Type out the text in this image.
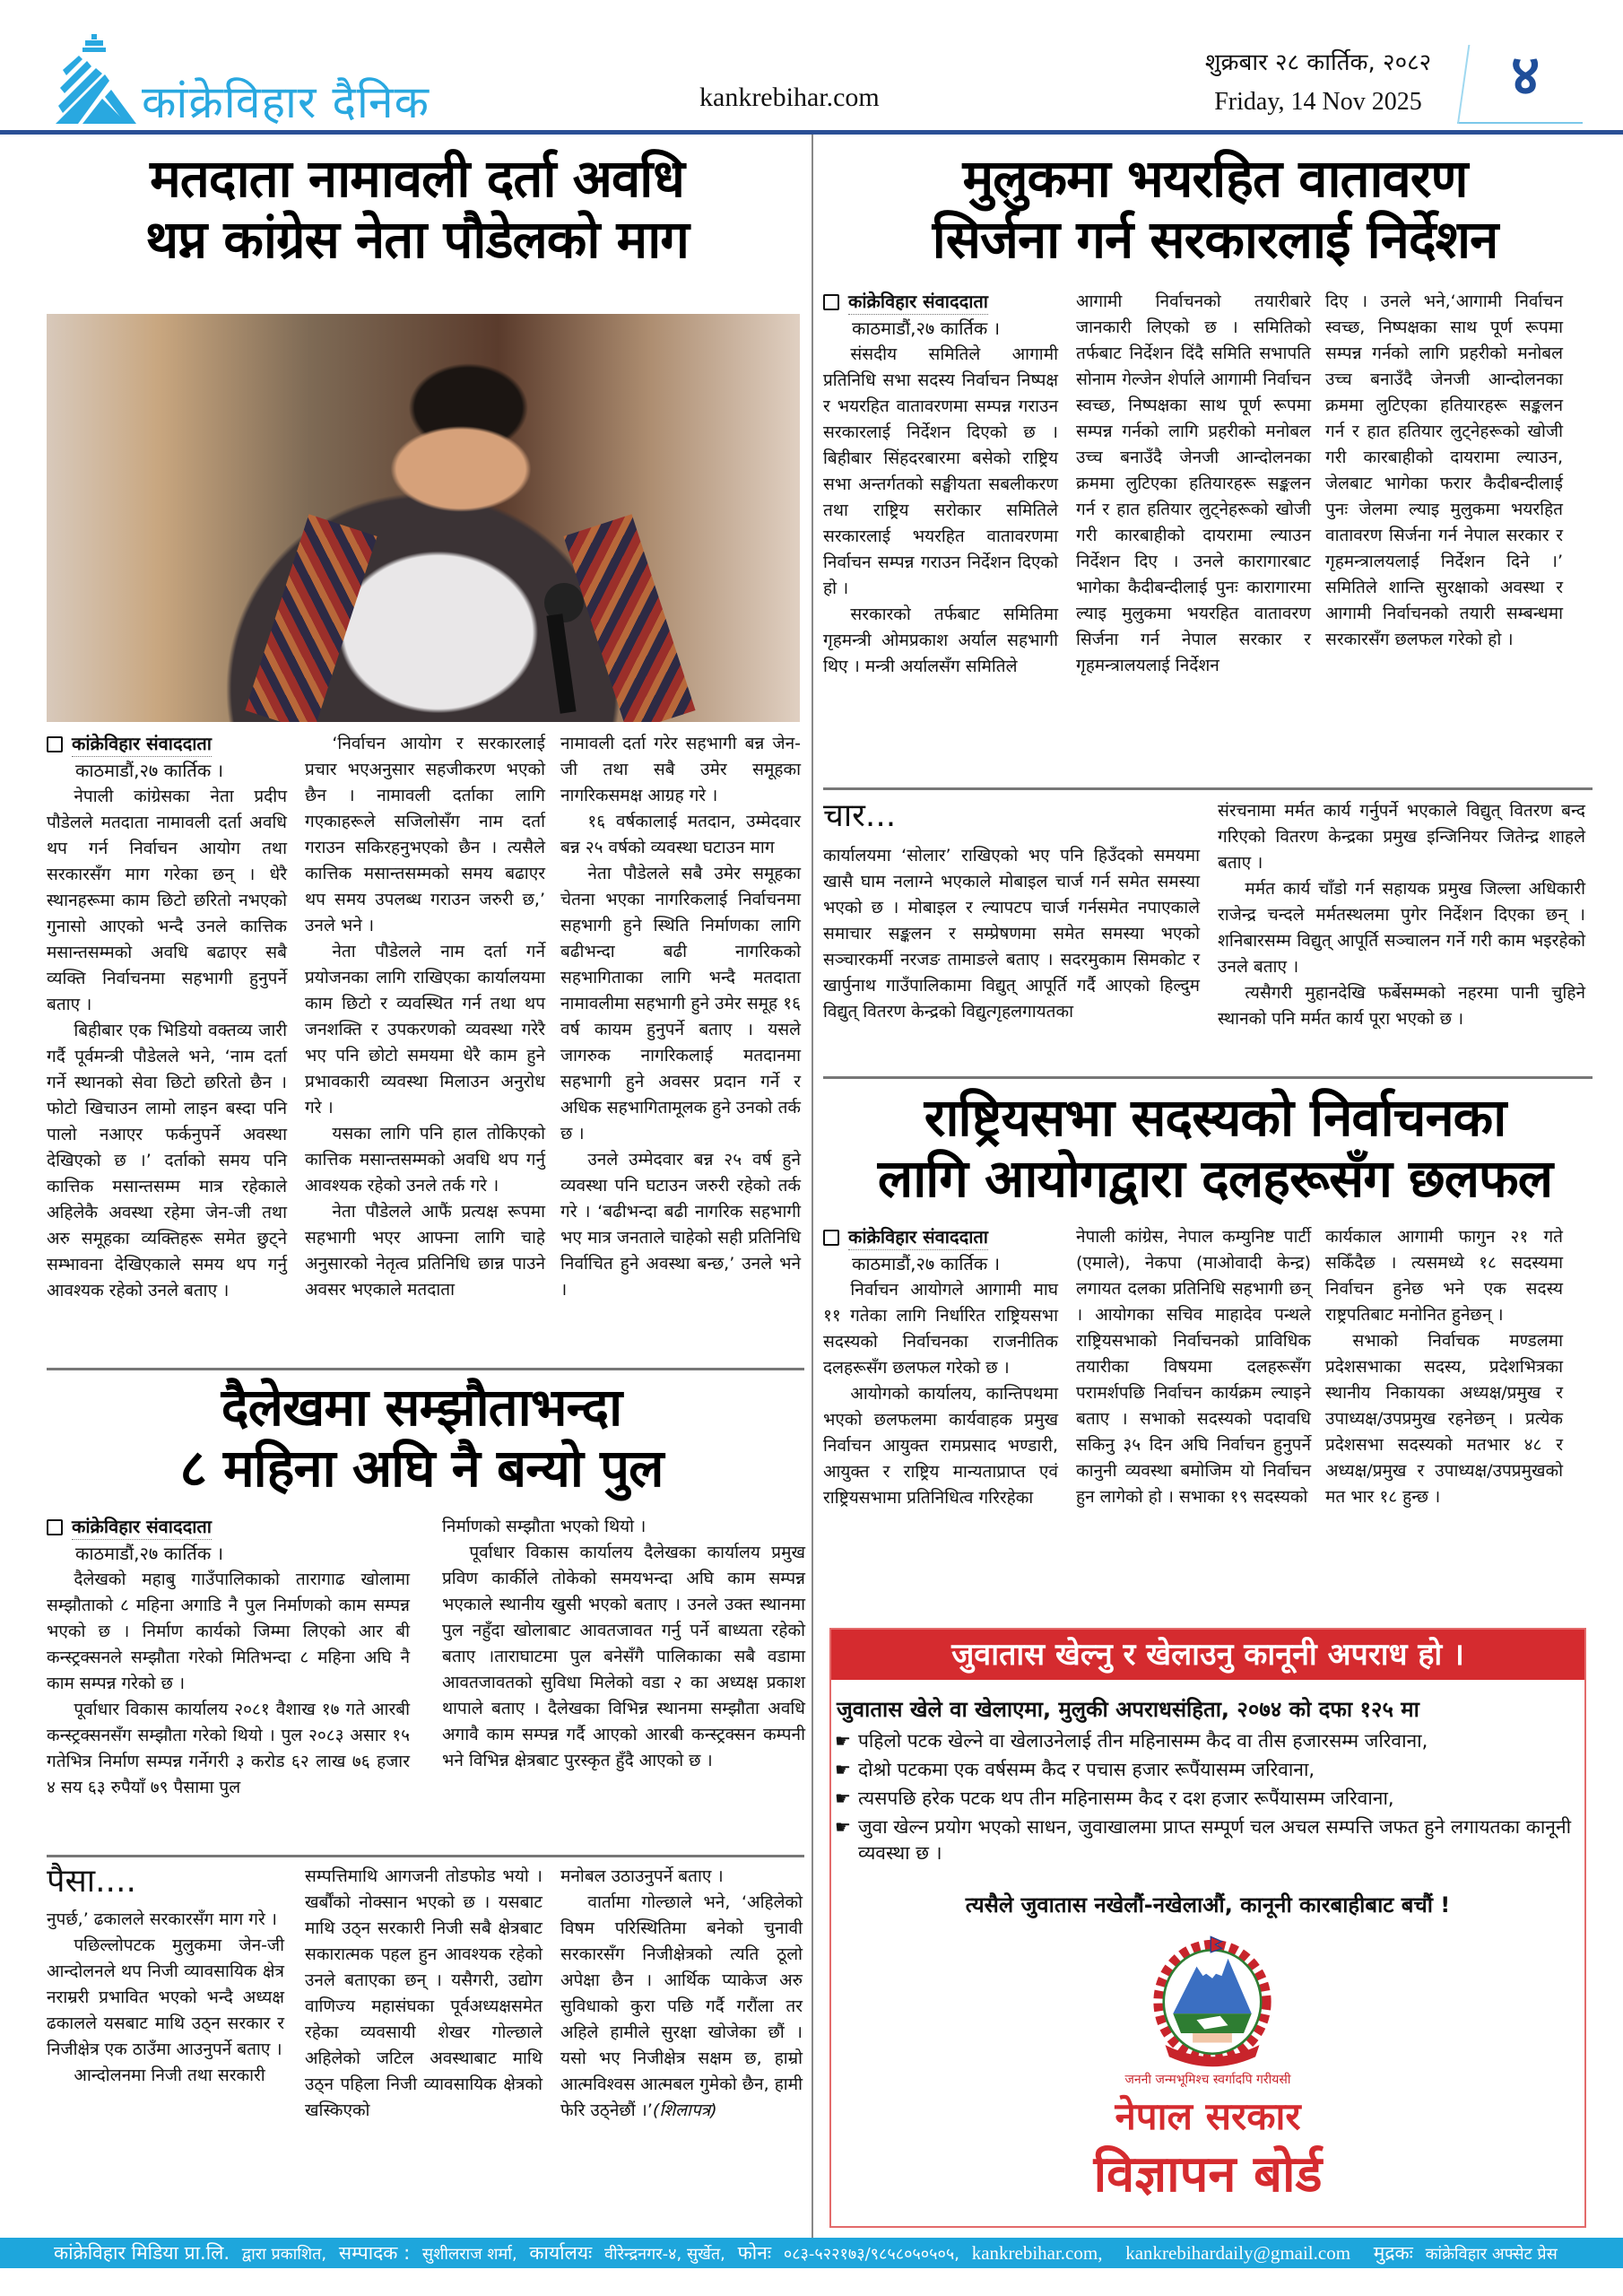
कांक्रेविहार दैनिक	kankrebihar.com
शुक्रबार २८ कार्तिक, २०८२
Friday, 14 Nov 2025	४
मतदाता नामावली दर्ता अवधि
थप्न कांग्रेस नेता पौडेलको माग
कांक्रेविहार संवाददाता
काठमाडौं,२७ कार्तिक ।

नेपाली कांग्रेसका नेता प्रदीप पौडेलले मतदाता नामावली दर्ता अवधि थप गर्न निर्वाचन आयोग तथा सरकारसँग माग गरेका छन् । धेरै स्थानहरूमा काम छिटो छरितो नभएको गुनासो आएको भन्दै उनले कात्तिक मसान्तसम्मको अवधि बढाएर सबै व्यक्ति निर्वाचनमा सहभागी हुनुपर्ने बताए ।

बिहीबार एक भिडियो वक्तव्य जारी गर्दै पूर्वमन्त्री पौडेलले भने, ‘नाम दर्ता गर्ने स्थानको सेवा छिटो छरितो छैन । फोटो खिचाउन लामो लाइन बस्दा पनि पालो नआएर फर्कनुपर्ने अवस्था देखिएको छ ।’ दर्ताको समय पनि कात्तिक मसान्तसम्म मात्र रहेकाले अहिलेकै अवस्था रहेमा जेन-जी तथा अरु समूहका व्यक्तिहरू समेत छुट्ने सम्भावना देखिएकाले समय थप गर्नु आवश्यक रहेको उनले बताए ।

‘निर्वाचन आयोग र सरकारलाई प्रचार भएअनुसार सहजीकरण भएको छैन । नामावली दर्ताका लागि गएकाहरूले सजिलोसँग नाम दर्ता गराउन सकिरहनुभएको छैन । त्यसैले कात्तिक मसान्तसम्मको समय बढाएर थप समय उपलब्ध गराउन जरुरी छ,’ उनले भने ।

नेता पौडेलले नाम दर्ता गर्ने प्रयोजनका लागि राखिएका कार्यालयमा काम छिटो र व्यवस्थित गर्न तथा थप जनशक्ति र उपकरणको व्यवस्था गरेरै भए पनि छोटो समयमा धेरै काम हुने प्रभावकारी व्यवस्था मिलाउन अनुरोध गरे ।

यसका लागि पनि हाल तोकिएको कात्तिक मसान्तसम्मको अवधि थप गर्नु आवश्यक रहेको उनले तर्क गरे ।

नेता पौडेलले आफैं प्रत्यक्ष रूपमा सहभागी भएर आफ्ना लागि चाहे अनुसारको नेतृत्व प्रतिनिधि छान्न पाउने अवसर भएकाले मतदाता

नामावली दर्ता गरेर सहभागी बन्न जेन-जी तथा सबै उमेर समूहका नागरिकसमक्ष आग्रह गरे ।

१६ वर्षकालाई मतदान, उम्मेदवार बन्न २५ वर्षको व्यवस्था घटाउन माग

नेता पौडेलले सबै उमेर समूहका चेतना भएका नागरिकलाई निर्वाचनमा सहभागी हुने स्थिति निर्माणका लागि बढीभन्दा बढी नागरिकको सहभागिताका लागि भन्दै मतदाता नामावलीमा सहभागी हुने उमेर समूह १६ वर्ष कायम हुनुपर्ने बताए । यसले जागरुक नागरिकलाई मतदानमा सहभागी हुने अवसर प्रदान गर्ने र अधिक सहभागितामूलक हुने उनको तर्क छ ।

उनले उम्मेदवार बन्न २५ वर्ष हुने व्यवस्था पनि घटाउन जरुरी रहेको तर्क गरे । ‘बढीभन्दा बढी नागरिक सहभागी भए मात्र जनताले चाहेको सही प्रतिनिधि निर्वाचित हुने अवस्था बन्छ,’ उनले भने ।

मुलुकमा भयरहित वातावरण
सिर्जना गर्न सरकारलाई निर्देशन
कांक्रेविहार संवाददाता
काठमाडौं,२७ कार्तिक ।

संसदीय समितिले आगामी प्रतिनिधि सभा सदस्य निर्वाचन निष्पक्ष र भयरहित वातावरणमा सम्पन्न गराउन सरकारलाई निर्देशन दिएको छ । बिहीबार सिंहदरबारमा बसेको राष्ट्रिय सभा अन्तर्गतको सङ्घीयता सबलीकरण तथा राष्ट्रिय सरोकार समितिले सरकारलाई भयरहित वातावरणमा निर्वाचन सम्पन्न गराउन निर्देशन दिएको हो ।

सरकारको तर्फबाट समितिमा गृहमन्त्री ओमप्रकाश अर्याल सहभागी थिए । मन्त्री अर्यालसँग समितिले

आगामी निर्वाचनको तयारीबारे जानकारी लिएको छ । समितिको तर्फबाट निर्देशन दिंदै समिति सभापति सोनाम गेल्जेन शेर्पाले आगामी निर्वाचन स्वच्छ, निष्पक्षका साथ पूर्ण रूपमा सम्पन्न गर्नको लागि प्रहरीको मनोबल उच्च बनाउँदै जेनजी आन्दोलनका क्रममा लुटिएका हतियारहरू सङ्कलन गर्न र हात हतियार लुट्नेहरूको खोजी गरी कारबाहीको दायरामा ल्याउन निर्देशन दिए । उनले कारागारबाट भागेका कैदीबन्दीलाई पुनः कारागारमा ल्याइ मुलुकमा भयरहित वातावरण सिर्जना गर्न नेपाल सरकार र गृहमन्त्रालयलाई निर्देशन

दिए । उनले भने,‘आगामी निर्वाचन स्वच्छ, निष्पक्षका साथ पूर्ण रूपमा सम्पन्न गर्नको लागि प्रहरीको मनोबल उच्च बनाउँदै जेनजी आन्दोलनका क्रममा लुटिएका हतियारहरू सङ्कलन गर्न र हात हतियार लुट्नेहरूको खोजी गरी कारबाहीको दायरामा ल्याउन, जेलबाट भागेका फरार कैदीबन्दीलाई पुनः जेलमा ल्याइ मुलुकमा भयरहित वातावरण सिर्जना गर्न नेपाल सरकार र गृहमन्त्रालयलाई निर्देशन दिने ।’ समितिले शान्ति सुरक्षाको अवस्था र आगामी निर्वाचनको तयारी सम्बन्धमा सरकारसँग छलफल गरेको हो ।

चार...

कार्यालयमा ‘सोलार’ राखिएको भए पनि हिउँदको समयमा खासै घाम नलाग्ने भएकाले मोबाइल चार्ज गर्न समेत समस्या भएको छ । मोबाइल र ल्यापटप चार्ज गर्नसमेत नपाएकाले समाचार सङ्कलन र सम्प्रेषणमा समेत समस्या भएको सञ्चारकर्मी नरजङ तामाङले बताए । सदरमुकाम सिमकोट र खार्पुनाथ गाउँपालिकामा विद्युत् आपूर्ति गर्दै आएको हिल्दुम विद्युत् वितरण केन्द्रको विद्युत्गृहलगायतका

संरचनामा मर्मत कार्य गर्नुपर्ने भएकाले विद्युत् वितरण बन्द गरिएको वितरण केन्द्रका प्रमुख इन्जिनियर जितेन्द्र शाहले बताए ।

मर्मत कार्य चाँडो गर्न सहायक प्रमुख जिल्ला अधिकारी राजेन्द्र चन्दले मर्मतस्थलमा पुगेर निर्देशन दिएका छन् । शनिबारसम्म विद्युत् आपूर्ति सञ्चालन गर्ने गरी काम भइरहेको उनले बताए ।

त्यसैगरी मुहानदेखि फर्बेसम्मको नहरमा पानी चुहिने स्थानको पनि मर्मत कार्य पूरा भएको छ ।

राष्ट्रियसभा सदस्यको निर्वाचनका
लागि आयोगद्वारा दलहरूसँग छलफल
कांक्रेविहार संवाददाता
काठमाडौं,२७ कार्तिक ।

निर्वाचन आयोगले आगामी माघ ११ गतेका लागि निर्धारित राष्ट्रियसभा सदस्यको निर्वाचनका राजनीतिक दलहरूसँग छलफल गरेको छ ।

आयोगको कार्यालय, कान्तिपथमा भएको छलफलमा कार्यवाहक प्रमुख निर्वाचन आयुक्त रामप्रसाद भण्डारी, आयुक्त र राष्ट्रिय मान्यताप्राप्त एवं राष्ट्रियसभामा प्रतिनिधित्व गरिरहेका

नेपाली कांग्रेस, नेपाल कम्युनिष्ट पार्टी (एमाले), नेकपा (माओवादी केन्द्र) लगायत दलका प्रतिनिधि सहभागी छन् । आयोगका सचिव माहादेव पन्थले राष्ट्रियसभाको निर्वाचनको प्राविधिक तयारीका विषयमा दलहरूसँग परामर्शपछि निर्वाचन कार्यक्रम ल्याइने बताए । सभाको सदस्यको पदावधि सकिनु ३५ दिन अघि निर्वाचन हुनुपर्ने कानुनी व्यवस्था बमोजिम यो निर्वाचन हुन लागेको हो । सभाका १९ सदस्यको

कार्यकाल आगामी फागुन २१ गते सकिँदैछ । त्यसमध्ये १८ सदस्यमा निर्वाचन हुनेछ भने एक सदस्य राष्ट्रपतिबाट मनोनित हुनेछन् ।

सभाको निर्वाचक मण्डलमा प्रदेशसभाका सदस्य, प्रदेशभित्रका स्थानीय निकायका अध्यक्ष/प्रमुख र उपाध्यक्ष/उपप्रमुख रहनेछन् । प्रत्येक प्रदेशसभा सदस्यको मतभार ४८ र अध्यक्ष/प्रमुख र उपाध्यक्ष/उपप्रमुखको मत भार १८ हुन्छ ।

दैलेखमा सम्झौताभन्दा
८ महिना अघि नै बन्यो पुल
कांक्रेविहार संवाददाता
काठमाडौं,२७ कार्तिक ।

दैलेखको महाबु गाउँपालिकाको तारागाढ खोलामा सम्झौताको ८ महिना अगाडि नै पुल निर्माणको काम सम्पन्न भएको छ । निर्माण कार्यको जिम्मा लिएको आर बी कन्स्ट्रक्सनले सम्झौता गरेको मितिभन्दा ८ महिना अघि नै काम सम्पन्न गरेको छ ।

पूर्वाधार विकास कार्यालय २०८१ वैशाख १७ गते आरबी कन्स्ट्रक्सनसँग सम्झौता गरेको थियो । पुल २०८३ असार १५ गतेभित्र निर्माण सम्पन्न गर्नेगरी ३ करोड ६२ लाख ७६ हजार ४ सय ६३ रुपैयाँ ७९ पैसामा पुल

निर्माणको सम्झौता भएको थियो ।

पूर्वाधार विकास कार्यालय दैलेखका कार्यालय प्रमुख प्रविण कार्कीले तोकेको समयभन्दा अघि काम सम्पन्न भएकाले स्थानीय खुसी भएको बताए । उनले उक्त स्थानमा पुल नहुँदा खोलाबाट आवतजावत गर्नु पर्ने बाध्यता रहेको बताए ।ताराघाटमा पुल बनेसँगै पालिकाका सबै वडामा आवतजावतको सुविधा मिलेको वडा २ का अध्यक्ष प्रकाश थापाले बताए । दैलेखका विभिन्न स्थानमा सम्झौता अवधि अगावै काम सम्पन्न गर्दै आएको आरबी कन्स्ट्रक्सन कम्पनी भने विभिन्न क्षेत्रबाट पुरस्कृत हुँदै आएको छ ।

पैसा....

नुपर्छ,’ ढकालले सरकारसँग माग गरे ।

पछिल्लोपटक मुलुकमा जेन-जी आन्दोलनले थप निजी व्यावसायिक क्षेत्र नराम्ररी प्रभावित भएको भन्दै अध्यक्ष ढकालले यसबाट माथि उठ्न सरकार र निजीक्षेत्र एक ठाउँमा आउनुपर्ने बताए ।

आन्दोलनमा निजी तथा सरकारी

सम्पत्तिमाथि आगजनी तोडफोड भयो । खर्बौंको नोक्सान भएको छ । यसबाट माथि उठ्न सरकारी निजी सबै क्षेत्रबाट सकारात्मक पहल हुन आवश्यक रहेको उनले बताएका छन् । यसैगरी, उद्योग वाणिज्य महासंघका पूर्वअध्यक्षसमेत रहेका व्यवसायी शेखर गोल्छाले अहिलेको जटिल अवस्थाबाट माथि उठ्न पहिला निजी व्यावसायिक क्षेत्रको खस्किएको

मनोबल उठाउनुपर्ने बताए ।

वार्तामा गोल्छाले भने, ‘अहिलेको विषम परिस्थितिमा बनेको चुनावी सरकारसँग निजीक्षेत्रको त्यति ठूलो अपेक्षा छैन । आर्थिक प्याकेज अरु सुविधाको कुरा पछि गर्दै गरौंला तर अहिले हामीले सुरक्षा खोजेका छौं । यसो भए निजीक्षेत्र सक्षम छ, हाम्रो आत्मविश्वस आत्मबल गुमेको छैन, हामी फेरि उठ्नेछौं ।’(शिलापत्र)

जुवातास खेल्नु र खेलाउनु कानूनी अपराध हो ।
जुवातास खेले वा खेलाएमा, मुलुकी अपराधसंहिता, २०७४ को दफा १२५ मा
☛ पहिलो पटक खेल्ने वा खेलाउनेलाई तीन महिनासम्म कैद वा तीस हजारसम्म जरिवाना,
☛ दोश्रो पटकमा एक वर्षसम्म कैद र पचास हजार रूपैंयासम्म जरिवाना,
☛ त्यसपछि हरेक पटक थप तीन महिनासम्म कैद र दश हजार रूपैंयासम्म जरिवाना,
☛ जुवा खेल्न प्रयोग भएको साधन, जुवाखालमा प्राप्त सम्पूर्ण चल अचल सम्पत्ति जफत हुने लगायतका कानूनी व्यवस्था छ ।
त्यसैले जुवातास नखेलौं-नखेलाऔं, कानूनी कारबाहीबाट बचौं !
जननी जन्मभूमिश्च स्वर्गादपि गरीयसी
नेपाल सरकार
विज्ञापन बोर्ड
कांक्रेविहार मिडिया प्रा.लि. द्वारा प्रकाशित, सम्पादक : सुशीलराज शर्मा, कार्यालयः वीरेन्द्रनगर-४, सुर्खेत, फोनः ०८३-५२२१७३/९८५८०५०५०५, kankrebihar.com, kankrebihardaily@gmail.com मुद्रकः कांक्रेविहार अफ्सेट प्रेस
